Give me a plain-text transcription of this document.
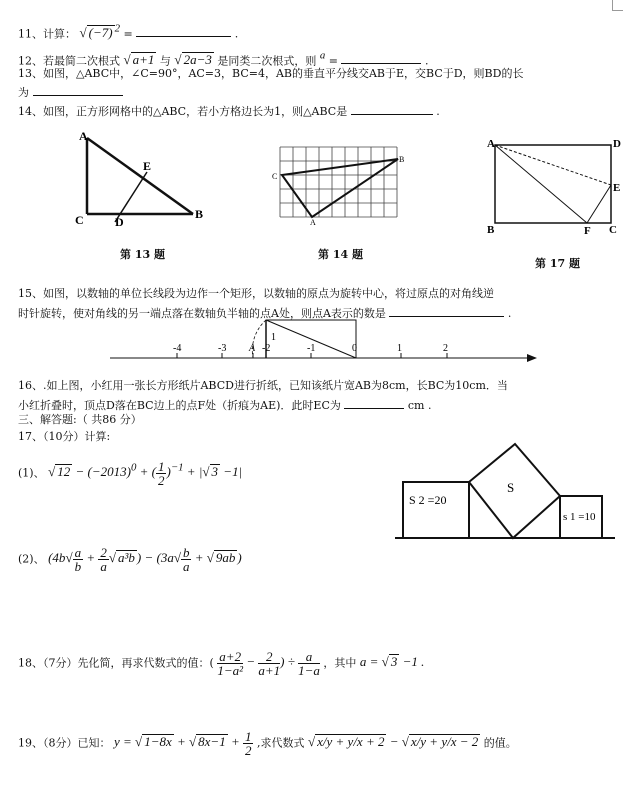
11、计算： √ (−7) $^2$ =	.
12、若最简二次根式 √ a+1 与 √ 2a−3 是同类二次根式，则 $^a$ =	.
13、如图，△ABC中，∠C=90°，AC=3，BC=4，AB的垂直平分线交AB于E，交BC于D，则BD的长
为
14、如图，正方形网格中的△ABC，若小方格边长为1，则△ABC是	.
A
E
C	D
B
第 13 题
C
B
A
第 14 题
A	D
E
B	F C
第 17 题
15、如图，以数轴的单位长线段为边作一个矩形，以数轴的原点为旋转中心，将过原点的对角线逆
时针旋转，使对角线的另一端点落在数轴负半轴的点A处，则点A表示的数是	.
1
-4	-3 A -2	-1	0	1	2
16、.如上图，小红用一张长方形纸片ABCD进行折纸，已知该纸片宽AB为8cm，长BC为10cm．当
小红折叠时，顶点D落在BC边上的点F处（折痕为AE)．此时EC为	cm .
三、解答题:（ 共86 分）
17、（10分）计算:
(1)、 √ $12 - (-2013)^0$ + ( $\frac{1}{2} )^{-1}$ + |√ 3 −1|
(2)、 ($4b√ \frac{a}{b} + \frac{2}{a}$ √ a³b ) − ($3a√ \frac{b}{a}$ + √ 9ab )
S 2 =20
S
s 1 =10
18、（7分）先化简，再求代数式的值：( $\frac{a+2}{\text{1−a²}} - \frac{2}{a+1}$ ) ÷ $\frac{a}{1-a}$ ，其中 a = √ 3 −1 .
19、（8分）已知： y = √ 1−8x + √ $8x-1 + \frac{1}{2}$ ,求代数式 √ x/y + y/x + 2 − √ x/y + y/x − 2 的值。
